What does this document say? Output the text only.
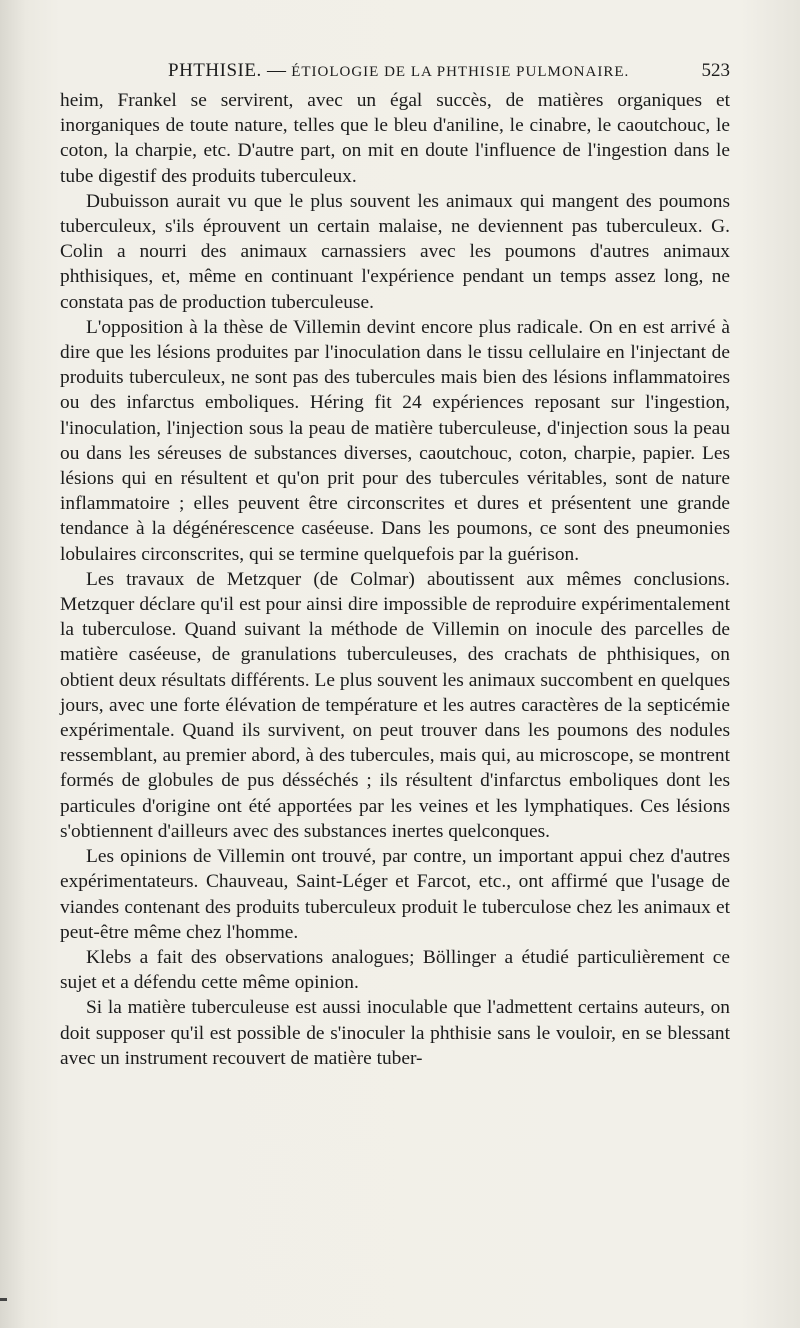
PHTHISIE. — ÉTIOLOGIE DE LA PHTHISIE PULMONAIRE.	523

heim, Frankel se servirent, avec un égal succès, de matières organiques et inorganiques de toute nature, telles que le bleu d'aniline, le cinabre, le caoutchouc, le coton, la charpie, etc. D'autre part, on mit en doute l'influence de l'ingestion dans le tube digestif des produits tuberculeux.

Dubuisson aurait vu que le plus souvent les animaux qui mangent des poumons tuberculeux, s'ils éprouvent un certain malaise, ne deviennent pas tuberculeux. G. Colin a nourri des animaux carnassiers avec les poumons d'autres animaux phthisiques, et, même en continuant l'expérience pendant un temps assez long, ne constata pas de production tuberculeuse.

L'opposition à la thèse de Villemin devint encore plus radicale. On en est arrivé à dire que les lésions produites par l'inoculation dans le tissu cellulaire en l'injectant de produits tuberculeux, ne sont pas des tubercules mais bien des lésions inflammatoires ou des infarctus emboliques. Héring fit 24 expériences reposant sur l'ingestion, l'inoculation, l'injection sous la peau de matière tuberculeuse, d'injection sous la peau ou dans les séreuses de substances diverses, caoutchouc, coton, charpie, papier. Les lésions qui en résultent et qu'on prit pour des tubercules véritables, sont de nature inflammatoire ; elles peuvent être circonscrites et dures et présentent une grande tendance à la dégénérescence caséeuse. Dans les poumons, ce sont des pneumonies lobulaires circonscrites, qui se termine quelquefois par la guérison.

Les travaux de Metzquer (de Colmar) aboutissent aux mêmes conclusions. Metzquer déclare qu'il est pour ainsi dire impossible de reproduire expérimentalement la tuberculose. Quand suivant la méthode de Villemin on inocule des parcelles de matière caséeuse, de granulations tuberculeuses, des crachats de phthisiques, on obtient deux résultats différents. Le plus souvent les animaux succombent en quelques jours, avec une forte élévation de température et les autres caractères de la septicémie expérimentale. Quand ils survivent, on peut trouver dans les poumons des nodules ressemblant, au premier abord, à des tubercules, mais qui, au microscope, se montrent formés de globules de pus désséchés ; ils résultent d'infarctus emboliques dont les particules d'origine ont été apportées par les veines et les lymphatiques. Ces lésions s'obtiennent d'ailleurs avec des substances inertes quelconques.

Les opinions de Villemin ont trouvé, par contre, un important appui chez d'autres expérimentateurs. Chauveau, Saint-Léger et Farcot, etc., ont affirmé que l'usage de viandes contenant des produits tuberculeux produit le tuberculose chez les animaux et peut-être même chez l'homme.

Klebs a fait des observations analogues; Böllinger a étudié particulièrement ce sujet et a défendu cette même opinion.

Si la matière tuberculeuse est aussi inoculable que l'admettent certains auteurs, on doit supposer qu'il est possible de s'inoculer la phthisie sans le vouloir, en se blessant avec un instrument recouvert de matière tuber-
